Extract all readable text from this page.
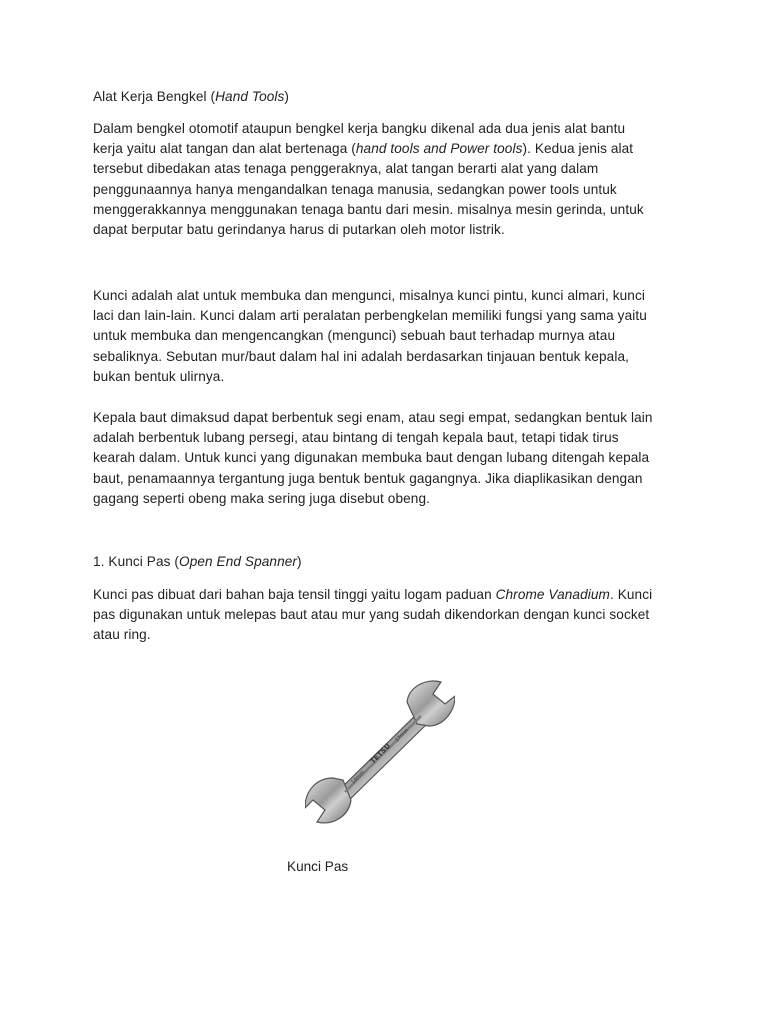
Alat Kerja Bengkel (Hand Tools)
Dalam bengkel otomotif ataupun bengkel kerja bangku dikenal ada dua jenis alat bantu
kerja yaitu alat tangan dan alat bertenaga (hand tools and Power tools). Kedua jenis alat
tersebut dibedakan atas tenaga penggeraknya, alat tangan berarti alat yang dalam
penggunaannya hanya mengandalkan tenaga manusia, sedangkan power tools untuk
menggerakkannya menggunakan tenaga bantu dari mesin. misalnya mesin gerinda, untuk
dapat berputar batu gerindanya harus di putarkan oleh motor listrik.
Kunci adalah alat untuk membuka dan mengunci, misalnya kunci pintu, kunci almari, kunci
laci dan lain-lain. Kunci dalam arti peralatan perbengkelan memiliki fungsi yang sama yaitu
untuk membuka dan mengencangkan (mengunci) sebuah baut terhadap murnya atau
sebaliknya. Sebutan mur/baut dalam hal ini adalah berdasarkan tinjauan bentuk kepala,
bukan bentuk ulirnya.
Kepala baut dimaksud dapat berbentuk segi enam, atau segi empat, sedangkan bentuk lain
adalah berbentuk lubang persegi, atau bintang di tengah kepala baut, tetapi tidak tirus
kearah dalam. Untuk kunci yang digunakan membuka baut dengan lubang ditengah kepala
baut, penamaannya tergantung juga bentuk bentuk gagangnya. Jika diaplikasikan dengan
gagang seperti obeng maka sering juga disebut obeng.
1. Kunci Pas (Open End Spanner)
Kunci pas dibuat dari bahan baja tensil tinggi yaitu logam paduan Chrome Vanadium. Kunci
pas digunakan untuk melepas baut atau mur yang sudah dikendorkan dengan kunci socket
atau ring.
TETSU
14mm
17mm
Kunci Pas
